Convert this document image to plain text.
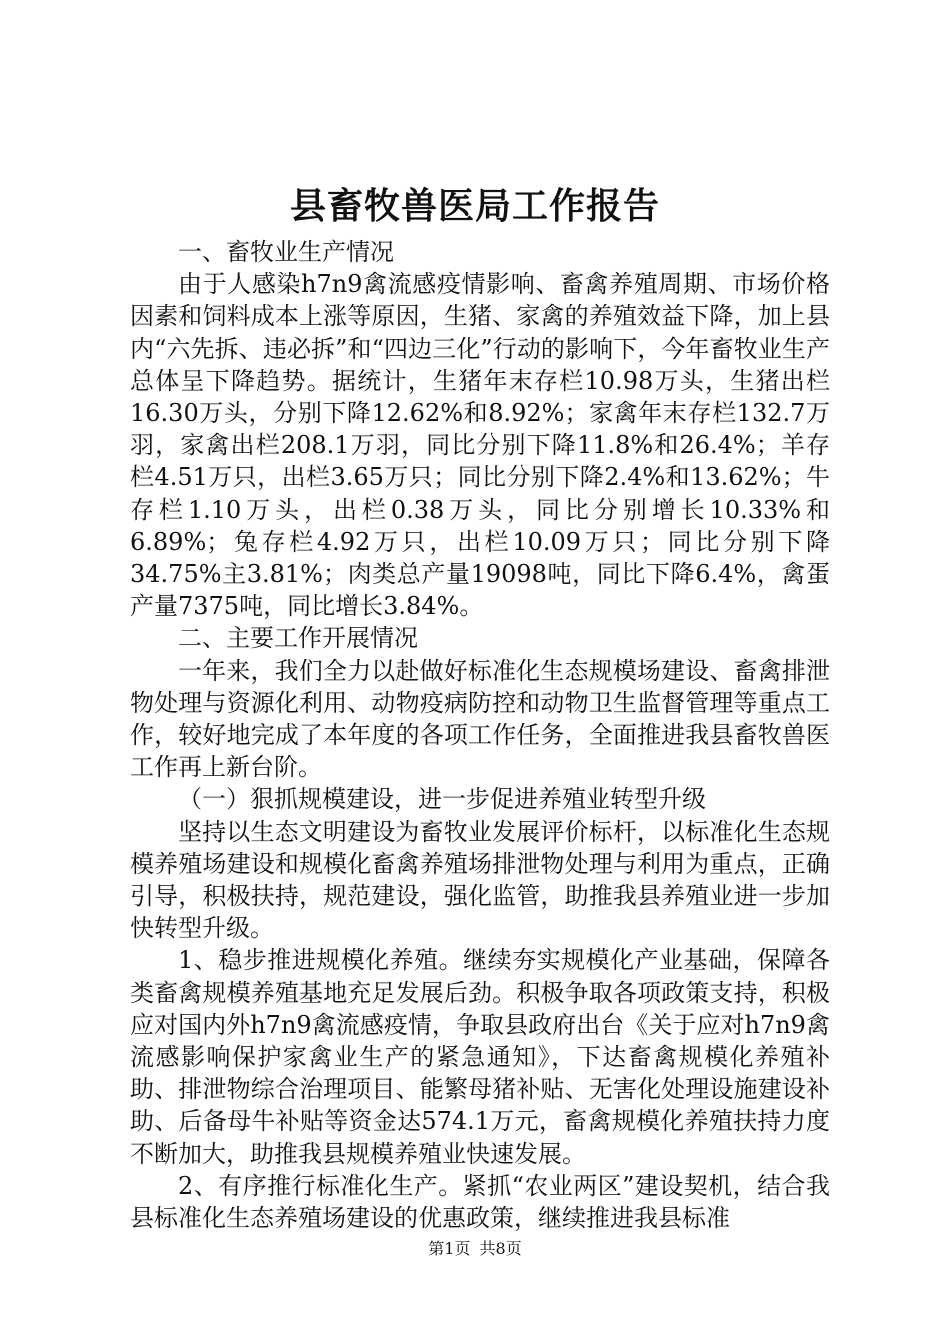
县畜牧兽医局工作报告

一、畜牧业生产情况

由于人感染h7n9禽流感疫情影响、畜禽养殖周期、市场价格因素和饲料成本上涨等原因，生猪、家禽的养殖效益下降，加上县内“六先拆、违必拆”和“四边三化”行动的影响下，今年畜牧业生产总体呈下降趋势。据统计，生猪年末存栏10.98万头，生猪出栏16.30万头，分别下降12.62%和8.92%；家禽年末存栏132.7万羽，家禽出栏208.1万羽，同比分别下降11.8%和26.4%；羊存栏4.51万只，出栏3.65万只；同比分别下降2.4%和13.62%；牛存栏1.10万头，出栏0.38万头，同比分别增长10.33%和6.89%；兔存栏4.92万只，出栏10.09万只；同比分别下降34.75%主3.81%；肉类总产量19098吨，同比下降6.4%，禽蛋产量7375吨，同比增长3.84%。

二、主要工作开展情况

一年来，我们全力以赴做好标准化生态规模场建设、畜禽排泄物处理与资源化利用、动物疫病防控和动物卫生监督管理等重点工作，较好地完成了本年度的各项工作任务，全面推进我县畜牧兽医工作再上新台阶。

（一）狠抓规模建设，进一步促进养殖业转型升级

坚持以生态文明建设为畜牧业发展评价标杆，以标准化生态规模养殖场建设和规模化畜禽养殖场排泄物处理与利用为重点，正确引导，积极扶持，规范建设，强化监管，助推我县养殖业进一步加快转型升级。

1、稳步推进规模化养殖。继续夯实规模化产业基础，保障各类畜禽规模养殖基地充足发展后劲。积极争取各项政策支持，积极应对国内外h7n9禽流感疫情，争取县政府出台《关于应对h7n9禽流感影响保护家禽业生产的紧急通知》，下达畜禽规模化养殖补助、排泄物综合治理项目、能繁母猪补贴、无害化处理设施建设补助、后备母牛补贴等资金达574.1万元，畜禽规模化养殖扶持力度不断加大，助推我县规模养殖业快速发展。

2、有序推行标准化生产。紧抓“农业两区”建设契机，结合我县标准化生态养殖场建设的优惠政策，继续推进我县标准

第1页 共8页
